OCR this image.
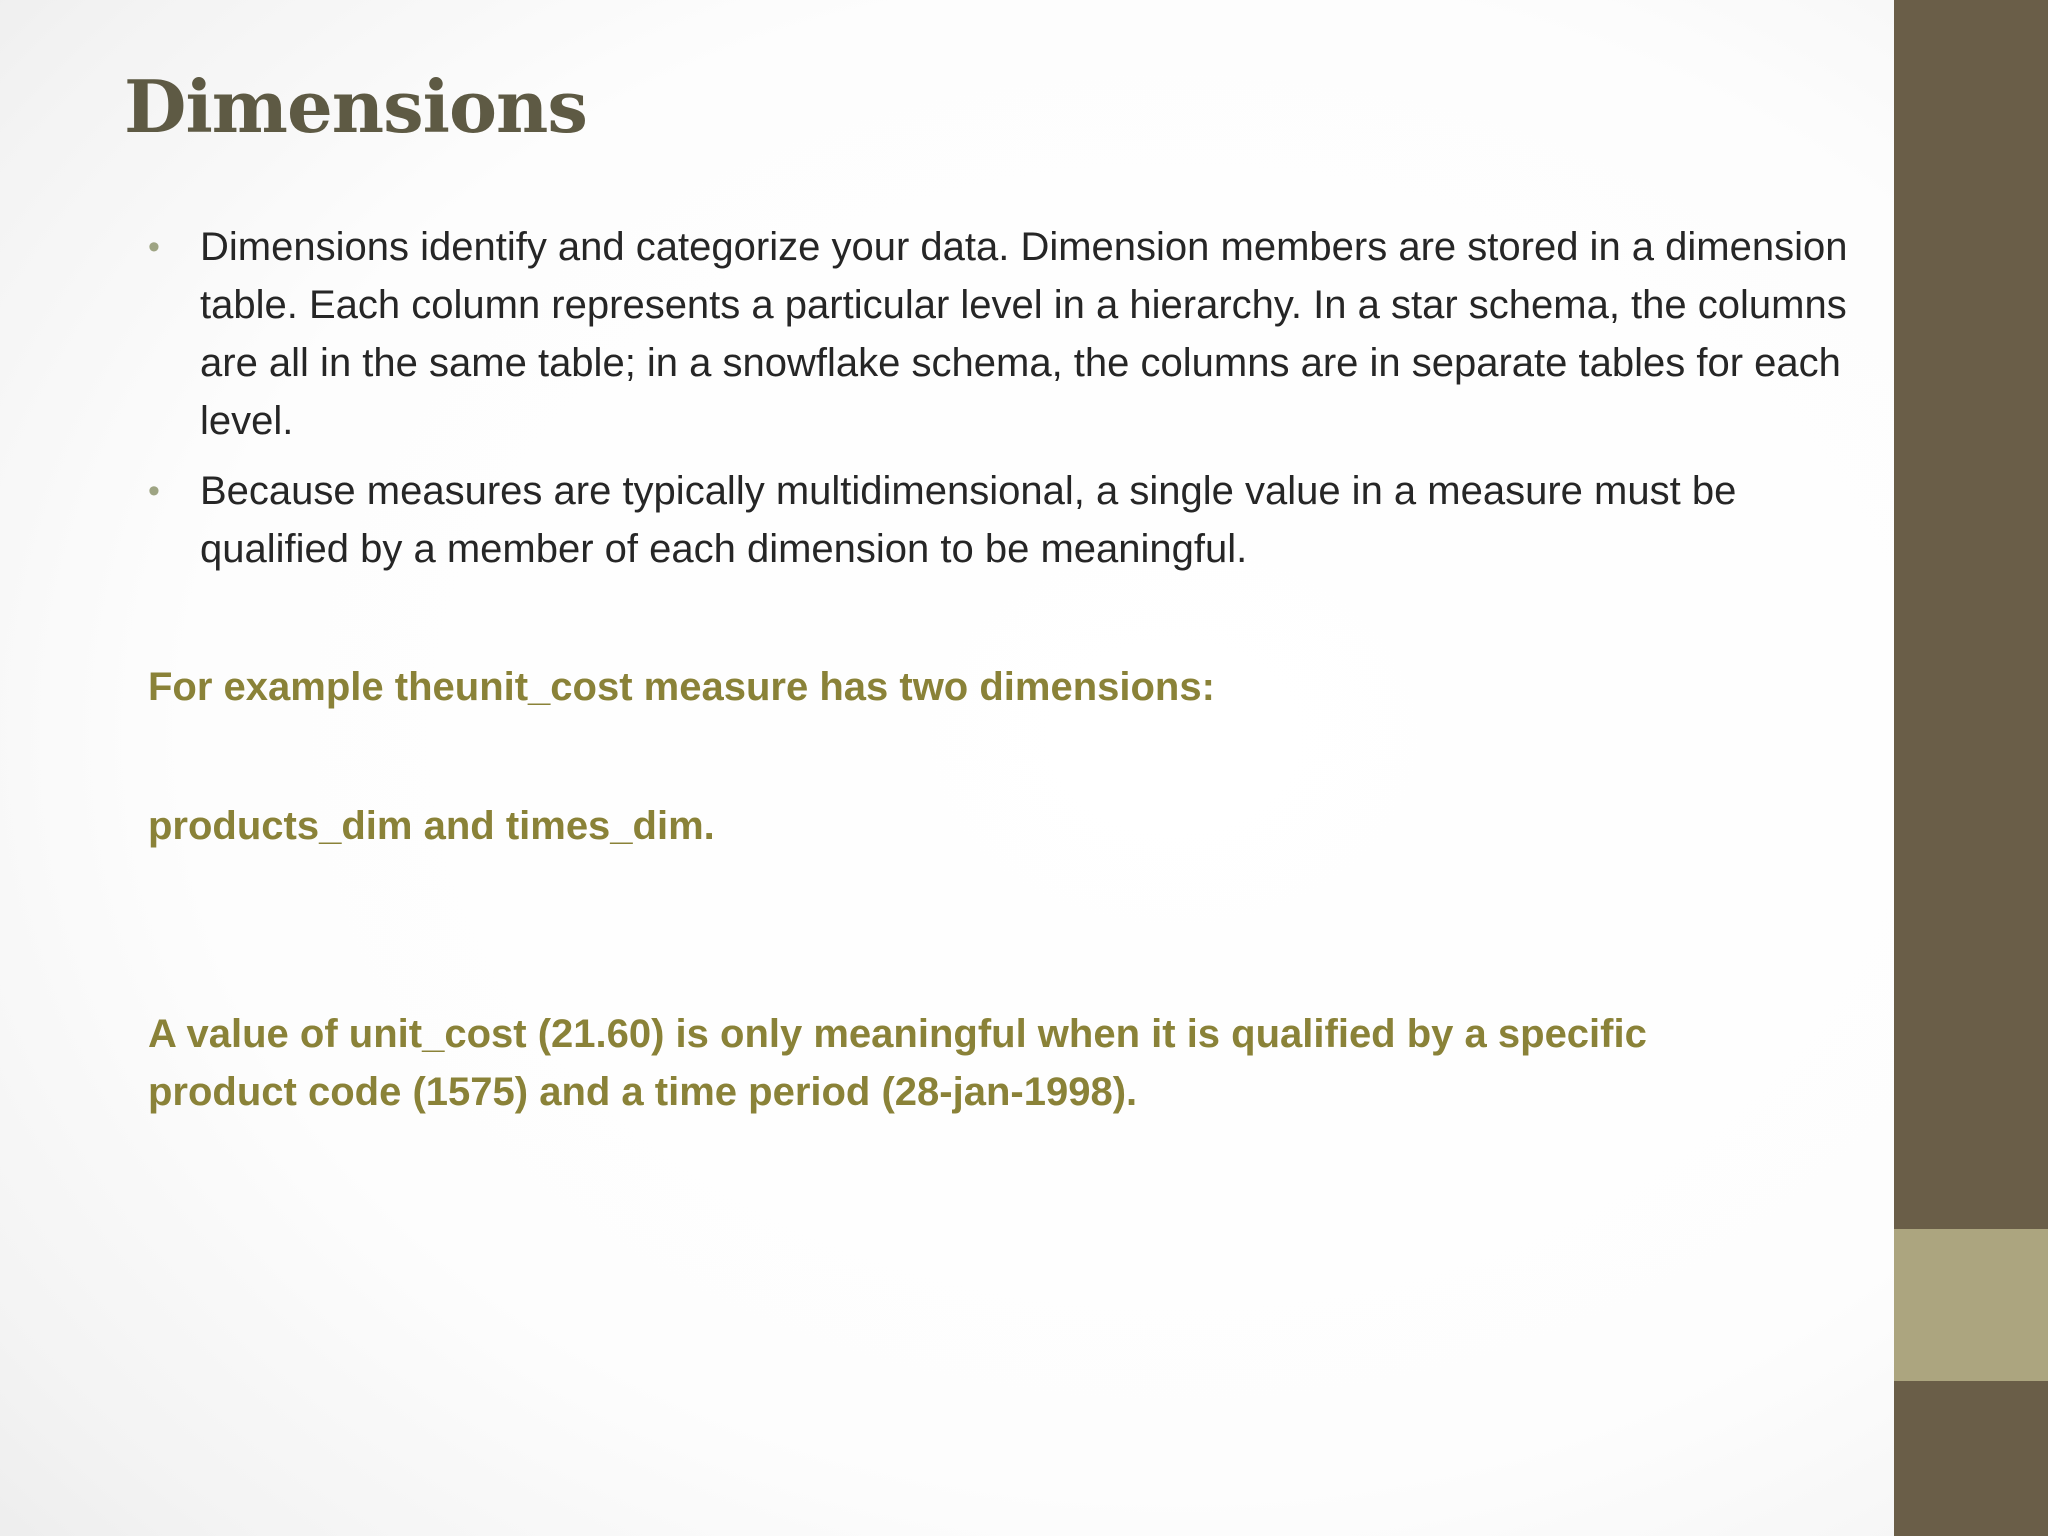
Dimensions
• Dimensions identify and categorize your data. Dimension members are stored in a dimension table. Each column represents a particular level in a hierarchy. In a star schema, the columns are all in the same table; in a snowflake schema, the columns are in separate tables for each level.
• Because measures are typically multidimensional, a single value in a measure must be qualified by a member of each dimension to be meaningful.

For example theunit_cost measure has two dimensions:

products_dim and times_dim.

A value of unit_cost (21.60) is only meaningful when it is qualified by a specific product code (1575) and a time period (28-jan-1998).
